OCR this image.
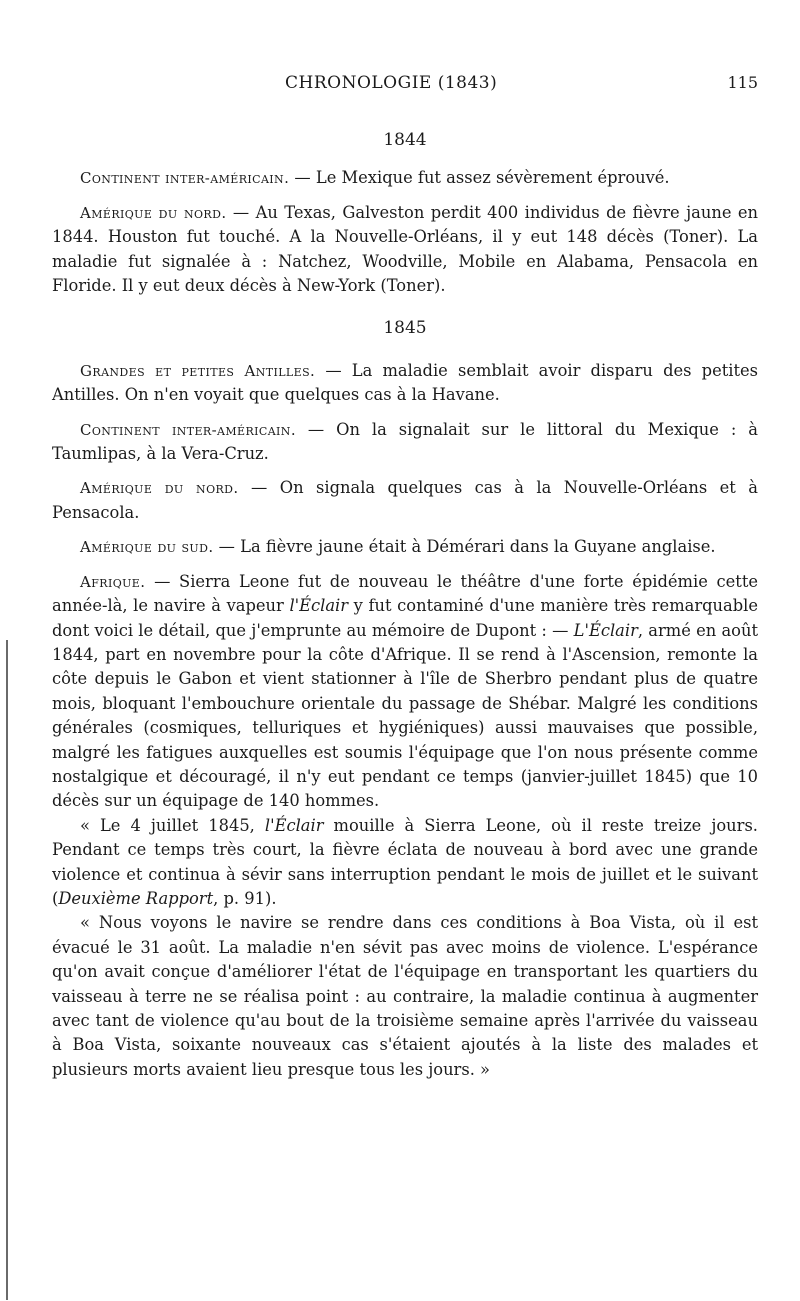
CHRONOLOGIE (1843)	115

1844

Continent inter-américain. — Le Mexique fut assez sévèrement éprouvé.

Amérique du nord. — Au Texas, Galveston perdit 400 individus de fièvre jaune en 1844. Houston fut touché. A la Nouvelle-Orléans, il y eut 148 décès (Toner). La maladie fut signalée à : Natchez, Woodville, Mobile en Alabama, Pensacola en Floride. Il y eut deux décès à New-York (Toner).

1845

Grandes et petites Antilles. — La maladie semblait avoir disparu des petites Antilles. On n'en voyait que quelques cas à la Havane.

Continent inter-américain. — On la signalait sur le littoral du Mexique : à Taumlipas, à la Vera-Cruz.

Amérique du nord. — On signala quelques cas à la Nouvelle-Orléans et à Pensacola.

Amérique du sud. — La fièvre jaune était à Démérari dans la Guyane anglaise.

Afrique. — Sierra Leone fut de nouveau le théâtre d'une forte épidémie cette année-là, le navire à vapeur l'Éclair y fut contaminé d'une manière très remarquable dont voici le détail, que j'emprunte au mémoire de Dupont : — L'Éclair, armé en août 1844, part en novembre pour la côte d'Afrique. Il se rend à l'Ascension, remonte la côte depuis le Gabon et vient stationner à l'île de Sherbro pendant plus de quatre mois, bloquant l'embouchure orientale du passage de Shébar. Malgré les conditions générales (cosmiques, telluriques et hygiéniques) aussi mauvaises que possible, malgré les fatigues auxquelles est soumis l'équipage que l'on nous présente comme nostalgique et découragé, il n'y eut pendant ce temps (janvier-juillet 1845) que 10 décès sur un équipage de 140 hommes.

« Le 4 juillet 1845, l'Éclair mouille à Sierra Leone, où il reste treize jours. Pendant ce temps très court, la fièvre éclata de nouveau à bord avec une grande violence et continua à sévir sans interruption pendant le mois de juillet et le suivant (Deuxième Rapport, p. 91).

« Nous voyons le navire se rendre dans ces conditions à Boa Vista, où il est évacué le 31 août. La maladie n'en sévit pas avec moins de violence. L'espérance qu'on avait conçue d'améliorer l'état de l'équipage en transportant les quartiers du vaisseau à terre ne se réalisa point : au contraire, la maladie continua à augmenter avec tant de violence qu'au bout de la troisième semaine après l'arrivée du vaisseau à Boa Vista, soixante nouveaux cas s'étaient ajoutés à la liste des malades et plusieurs morts avaient lieu presque tous les jours. »
